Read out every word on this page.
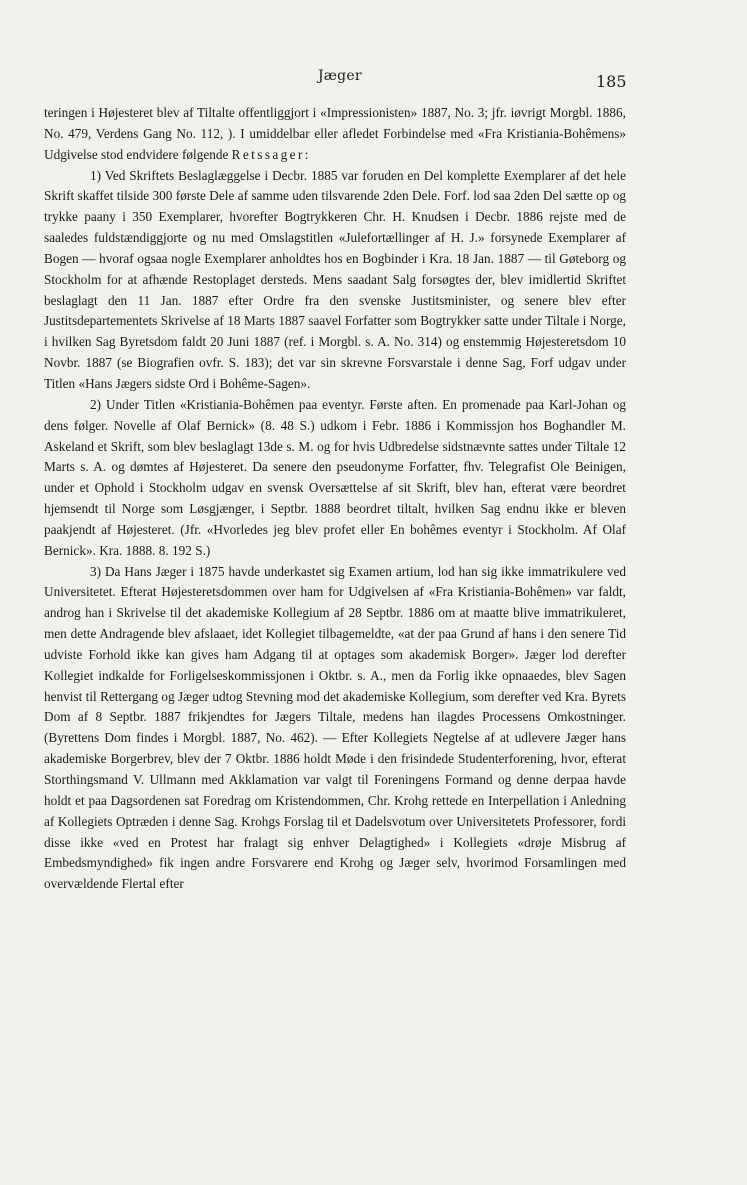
Jæger	185

teringen i Højesteret blev af Tiltalte offentliggjort i «Impressionisten» 1887, No. 3; jfr. iøvrigt Morgbl. 1886, No. 479, Verdens Gang No. 112, ). I umiddelbar eller afledet Forbindelse med «Fra Kristiania-Bohêmens» Udgivelse stod endvidere følgende Retssager:

1) Ved Skriftets Beslaglæggelse i Decbr. 1885 var foruden en Del komplette Exemplarer af det hele Skrift skaffet tilside 300 første Dele af samme uden tilsvarende 2den Dele. Forf. lod saa 2den Del sætte op og trykke paany i 350 Exemplarer, hvorefter Bogtrykkeren Chr. H. Knudsen i Decbr. 1886 rejste med de saaledes fuldstændiggjorte og nu med Omslagstitlen «Julefortællinger af H. J.» forsynede Exemplarer af Bogen — hvoraf ogsaa nogle Exemplarer anholdtes hos en Bogbinder i Kra. 18 Jan. 1887 — til Gøteborg og Stockholm for at afhænde Restoplaget dersteds. Mens saadant Salg forsøgtes der, blev imidlertid Skriftet beslaglagt den 11 Jan. 1887 efter Ordre fra den svenske Justitsminister, og senere blev efter Justitsdepartementets Skrivelse af 18 Marts 1887 saavel Forfatter som Bogtrykker satte under Tiltale i Norge, i hvilken Sag Byretsdom faldt 20 Juni 1887 (ref. i Morgbl. s. A. No. 314) og enstemmig Højesteretsdom 10 Novbr. 1887 (se Biografien ovfr. S. 183); det var sin skrevne Forsvarstale i denne Sag, Forf udgav under Titlen «Hans Jægers sidste Ord i Bohême-Sagen».

2) Under Titlen «Kristiania-Bohêmen paa eventyr. Første aften. En promenade paa Karl-Johan og dens følger. Novelle af Olaf Bernick» (8. 48 S.) udkom i Febr. 1886 i Kommissjon hos Boghandler M. Askeland et Skrift, som blev beslaglagt 13de s. M. og for hvis Udbredelse sidstnævnte sattes under Tiltale 12 Marts s. A. og dømtes af Højesteret. Da senere den pseudonyme Forfatter, fhv. Telegrafist Ole Beinigen, under et Ophold i Stockholm udgav en svensk Oversættelse af sit Skrift, blev han, efterat være beordret hjemsendt til Norge som Løsgjænger, i Septbr. 1888 beordret tiltalt, hvilken Sag endnu ikke er bleven paakjendt af Højesteret. (Jfr. «Hvorledes jeg blev profet eller En bohêmes eventyr i Stockholm. Af Olaf Bernick». Kra. 1888. 8. 192 S.)

3) Da Hans Jæger i 1875 havde underkastet sig Examen artium, lod han sig ikke immatrikulere ved Universitetet. Efterat Højesteretsdommen over ham for Udgivelsen af «Fra Kristiania-Bohêmen» var faldt, androg han i Skrivelse til det akademiske Kollegium af 28 Septbr. 1886 om at maatte blive immatrikuleret, men dette Andragende blev afslaaet, idet Kollegiet tilbagemeldte, «at der paa Grund af hans i den senere Tid udviste Forhold ikke kan gives ham Adgang til at optages som akademisk Borger». Jæger lod derefter Kollegiet indkalde for Forligelseskommissjonen i Oktbr. s. A., men da Forlig ikke opnaaedes, blev Sagen henvist til Rettergang og Jæger udtog Stevning mod det akademiske Kollegium, som derefter ved Kra. Byrets Dom af 8 Septbr. 1887 frikjendtes for Jægers Tiltale, medens han ilagdes Processens Omkostninger. (Byrettens Dom findes i Morgbl. 1887, No. 462). — Efter Kollegiets Negtelse af at udlevere Jæger hans akademiske Borgerbrev, blev der 7 Oktbr. 1886 holdt Møde i den frisindede Studenterforening, hvor, efterat Storthingsmand V. Ullmann med Akklamation var valgt til Foreningens Formand og denne derpaa havde holdt et paa Dagsordenen sat Foredrag om Kristendommen, Chr. Krohg rettede en Interpellation i Anledning af Kollegiets Optræden i denne Sag. Krohgs Forslag til et Dadelsvotum over Universitetets Professorer, fordi disse ikke «ved en Protest har fralagt sig enhver Delagtighed» i Kollegiets «drøje Misbrug af Embedsmyndighed» fik ingen andre Forsvarere end Krohg og Jæger selv, hvorimod Forsamlingen med overvældende Flertal efter
